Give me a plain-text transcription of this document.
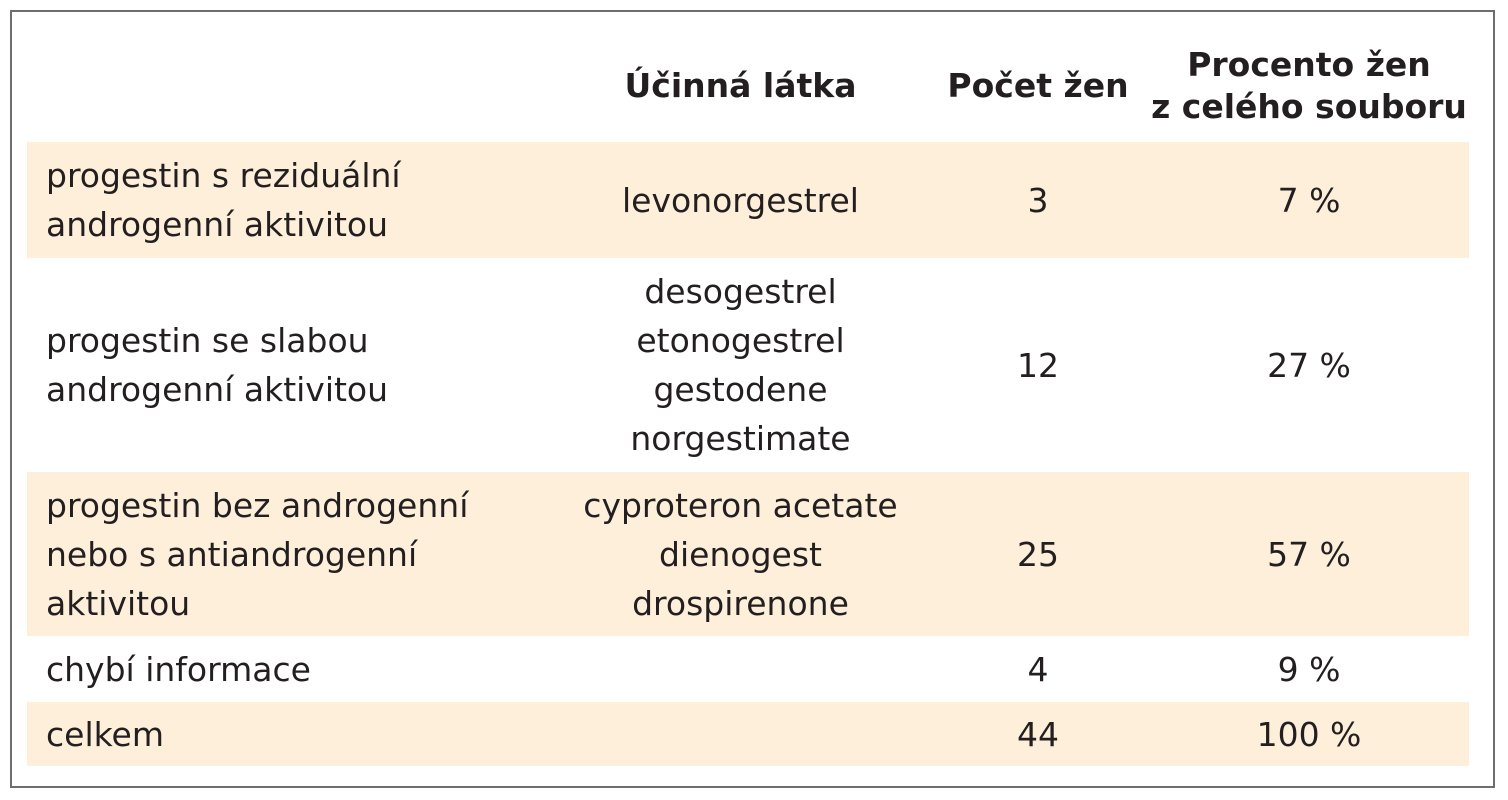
	Účinná látka	Počet žen	Procento žen
z celého souboru

progestin s reziduální
androgenní aktivitou	levonorgestrel	3	7 %

progestin se slabou
androgenní aktivitou	desogestrel
etonogestrel
gestodene
norgestimate	12	27 %

progestin bez androgenní
nebo s antiandrogenní
aktivitou	cyproteron acetate
dienogest
drospirenone	25	57 %

chybí informace		4	9 %

celkem		44	100 %
